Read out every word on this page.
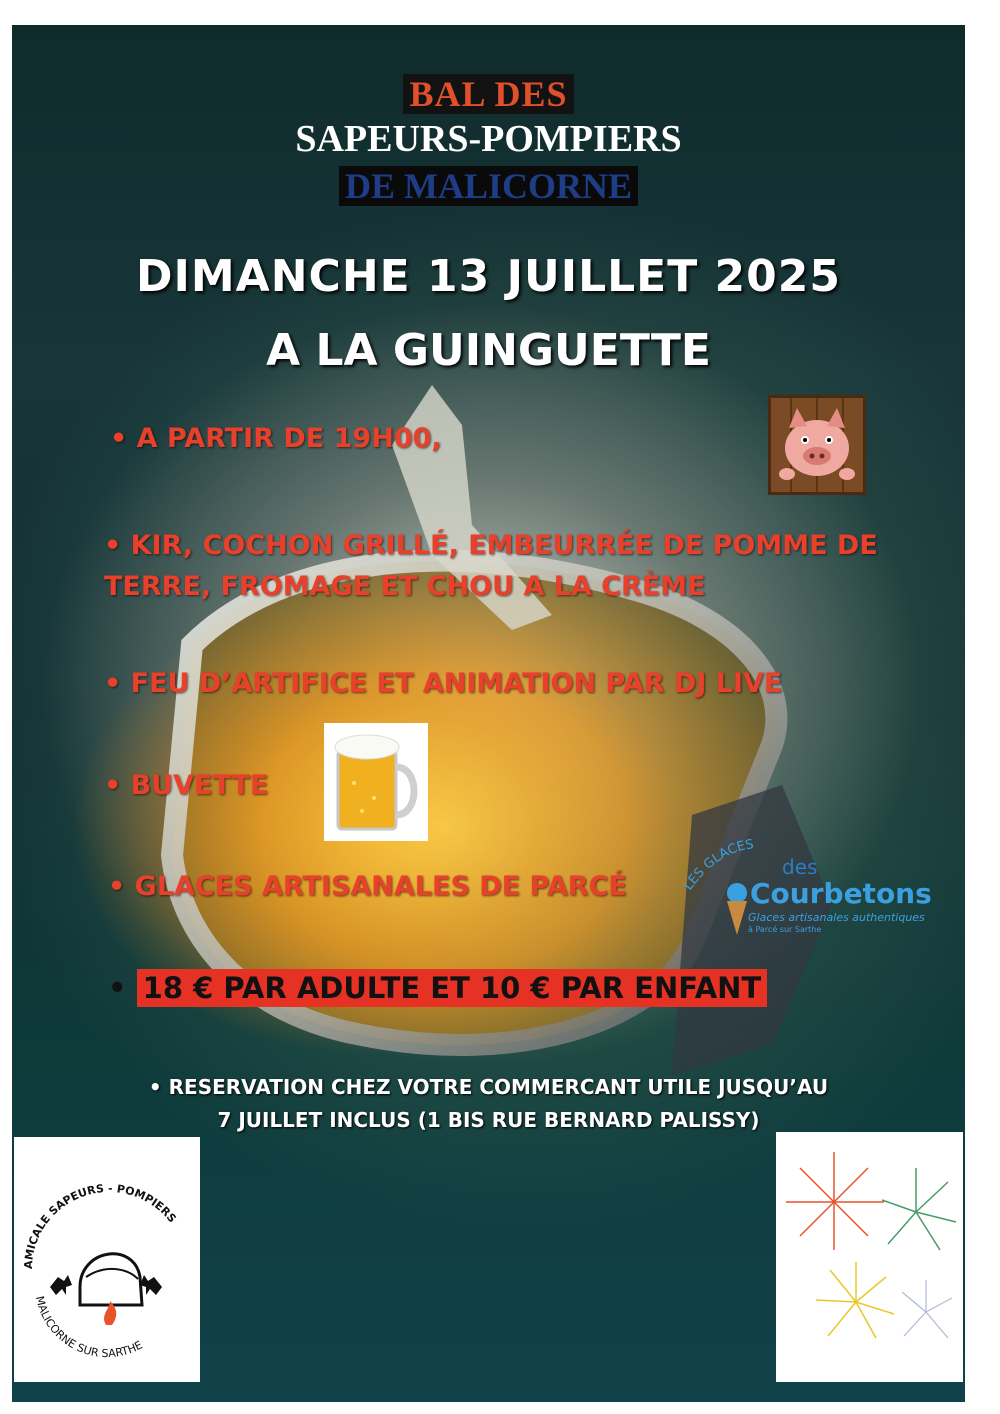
BAL DES
SAPEURS-POMPIERS
DE MALICORNE
DIMANCHE 13 JUILLET 2025
A LA GUINGUETTE
• A PARTIR DE 19H00,
• KIR, COCHON GRILLÉ, EMBEURRÉE DE POMME DE TERRE, FROMAGE ET CHOU A LA CRÈME
• FEU D’ARTIFICE ET ANIMATION PAR DJ LIVE
• BUVETTE
• GLACES ARTISANALES DE PARCÉ
• 18 € PAR ADULTE ET 10 € PAR ENFANT
• RESERVATION CHEZ VOTRE COMMERCANT UTILE JUSQU’AU
7 JUILLET INCLUS (1 BIS RUE BERNARD PALISSY)
LES GLACES
des
Courbetons
Glaces artisanales authentiques
à Parcé sur Sarthe
AMICALE SAPEURS - POMPIERS
MALICORNE SUR SARTHE
